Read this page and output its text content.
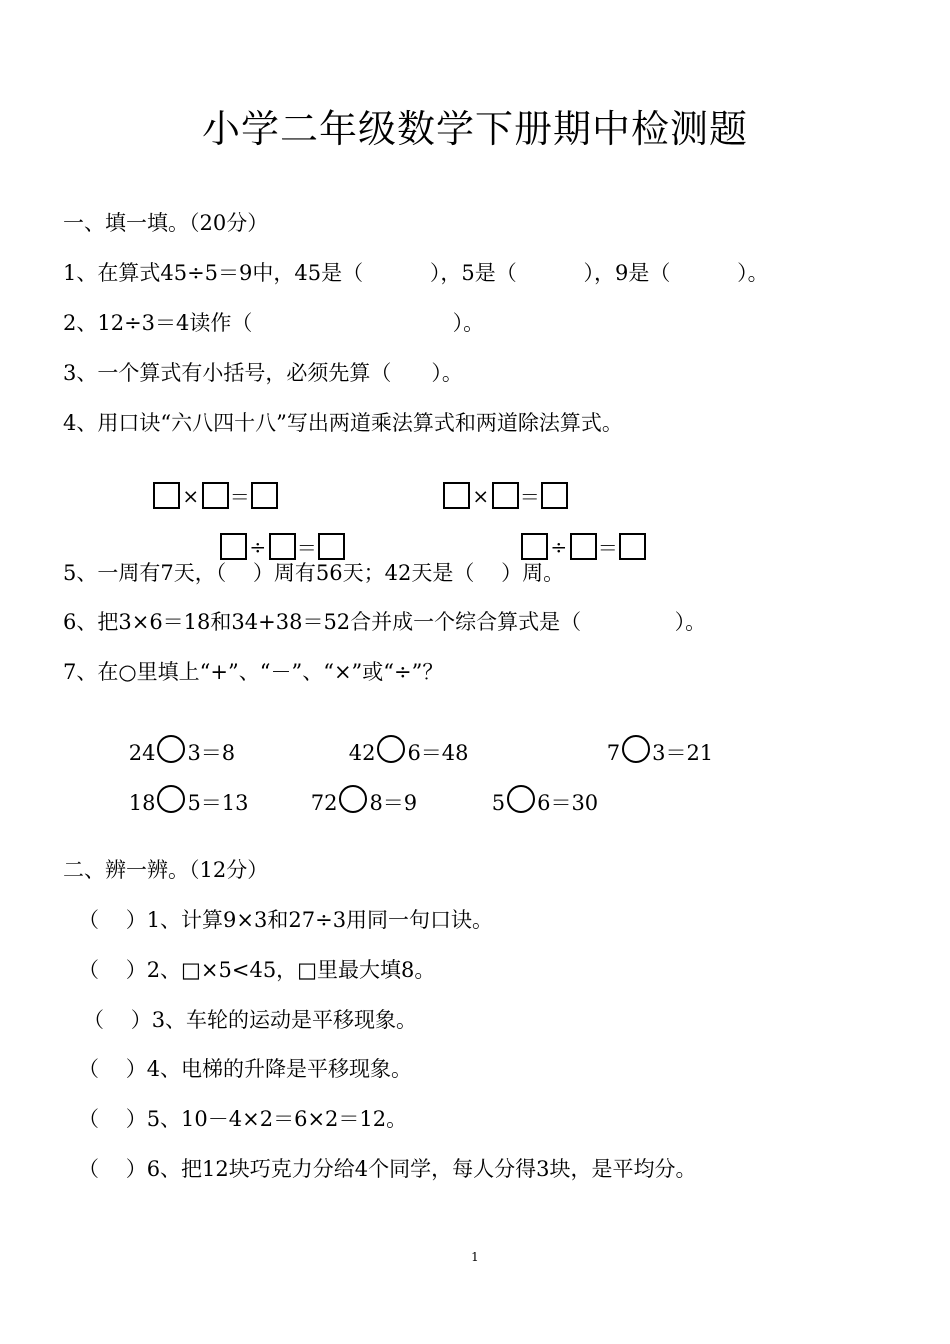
小学二年级数学下册期中检测题
一、填一填。（20分）
1、在算式45÷5＝9中，45是（          ），5是（          ），9是（          ）。
2、12÷3＝4读作（                              ）。
3、一个算式有小括号，必须先算（      ）。
4、用口诀“六八四十八”写出两道乘法算式和两道除法算式。

× ＝
	× ＝

÷ ＝
	÷ ＝

5、一周有7天，（    ）周有56天；42天是（    ）周。
6、把3×6＝18和34+38＝52合并成一个综合算式是（              ）。
7、在○里填上“+”、“－”、“×”或“÷”？

24 3＝8
	42 6＝48
	7 3＝21

18 5＝13
	72 8＝9
	5 6＝30

二、辨一辨。（12分）
（    ）1、计算9×3和27÷3用同一句口诀。
（    ）2、□×5<45，□里最大填8。
（    ）3、车轮的运动是平移现象。
（    ）4、电梯的升降是平移现象。
（    ）5、10－4×2＝6×2＝12。
（    ）6、把12块巧克力分给4个同学，每人分得3块，是平均分。
1
